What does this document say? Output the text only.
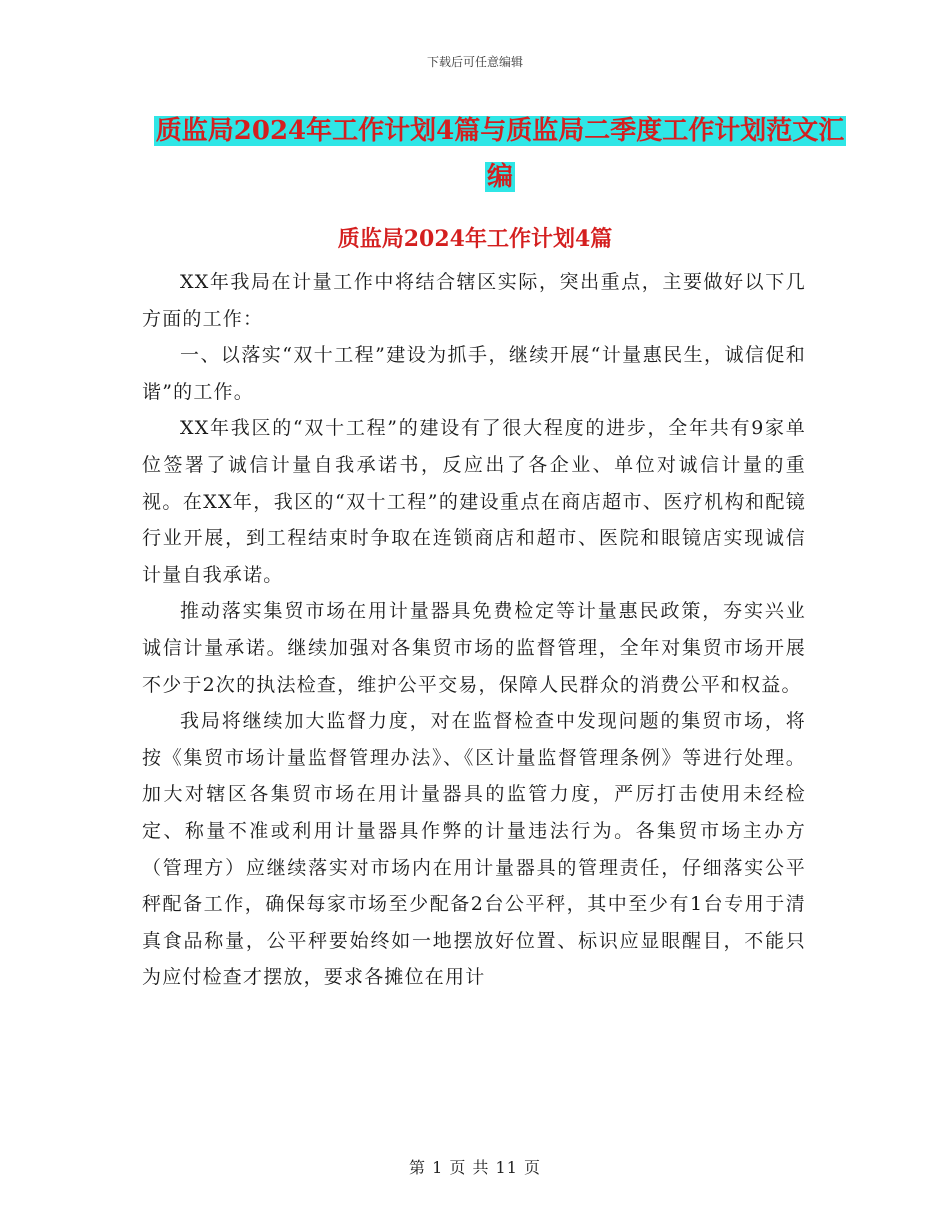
下载后可任意编辑
质监局2024年工作计划4篇与质监局二季度工作计划范文汇编
质监局2024年工作计划4篇

XX年我局在计量工作中将结合辖区实际，突出重点，主要做好以下几方面的工作：

一、以落实“双十工程”建设为抓手，继续开展“计量惠民生，诚信促和谐”的工作。

XX年我区的“双十工程”的建设有了很大程度的进步，全年共有9家单位签署了诚信计量自我承诺书，反应出了各企业、单位对诚信计量的重视。在XX年，我区的“双十工程”的建设重点在商店超市、医疗机构和配镜行业开展，到工程结束时争取在连锁商店和超市、医院和眼镜店实现诚信计量自我承诺。

推动落实集贸市场在用计量器具免费检定等计量惠民政策，夯实兴业诚信计量承诺。继续加强对各集贸市场的监督管理，全年对集贸市场开展不少于2次的执法检查，维护公平交易，保障人民群众的消费公平和权益。

我局将继续加大监督力度，对在监督检查中发现问题的集贸市场，将按《集贸市场计量监督管理办法》、《区计量监督管理条例》等进行处理。加大对辖区各集贸市场在用计量器具的监管力度，严厉打击使用未经检定、称量不准或利用计量器具作弊的计量违法行为。各集贸市场主办方（管理方）应继续落实对市场内在用计量器具的管理责任，仔细落实公平秤配备工作，确保每家市场至少配备2台公平秤，其中至少有1台专用于清真食品称量，公平秤要始终如一地摆放好位置、标识应显眼醒目，不能只为应付检查才摆放，要求各摊位在用计

第 1 页 共 11 页
